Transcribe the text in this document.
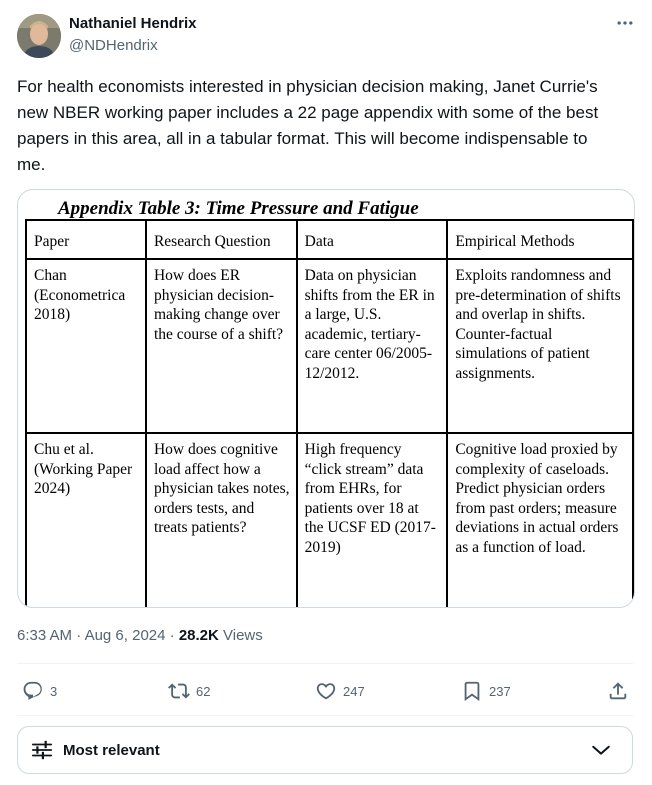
Nathaniel Hendrix
@NDHendrix

For health economists interested in physician decision making, Janet Currie's new NBER working paper includes a 22 page appendix with some of the best papers in this area, all in a tabular format. This will become indispensable to me.

Appendix Table 3: Time Pressure and Fatigue
Paper	Research Question	Data	Empirical Methods
Chan (Econometrica 2018)	How does ER physician decision-making change over the course of a shift?	Data on physician shifts from the ER in a large, U.S. academic, tertiary-care center 06/2005-12/2012.	Exploits randomness and pre-determination of shifts and overlap in shifts. Counter-factual simulations of patient assignments.
Chu et al. (Working Paper 2024)	How does cognitive load affect how a physician takes notes, orders tests, and treats patients?	High frequency “click stream” data from EHRs, for patients over 18 at the UCSF ED (2017-2019)	Cognitive load proxied by complexity of caseloads. Predict physician orders from past orders; measure deviations in actual orders as a function of load.
6:33 AM · Aug 6, 2024 · 28.2K Views
3	62	247	237
Most relevant
